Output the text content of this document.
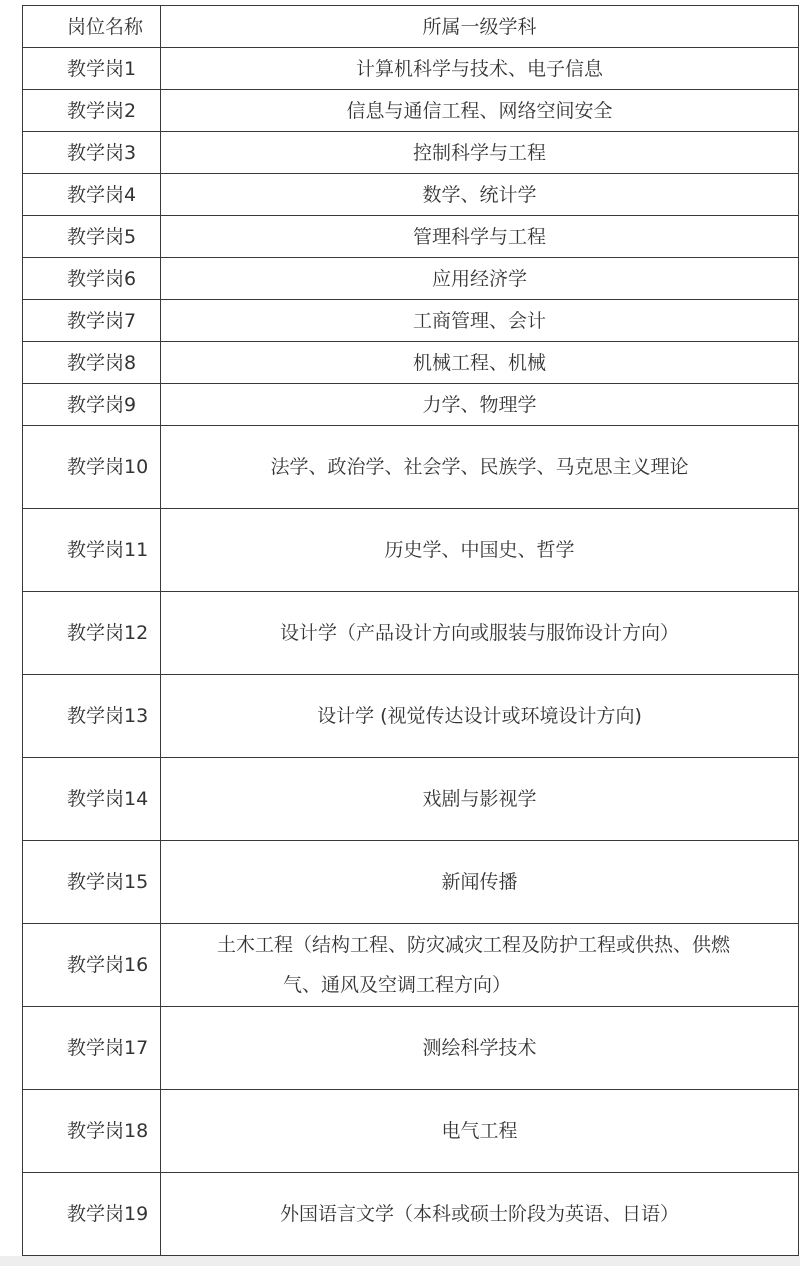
岗位名称	所属一级学科
教学岗1	计算机科学与技术、电子信息
教学岗2	信息与通信工程、网络空间安全
教学岗3	控制科学与工程
教学岗4	数学、统计学
教学岗5	管理科学与工程
教学岗6	应用经济学
教学岗7	工商管理、会计
教学岗8	机械工程、机械
教学岗9	力学、物理学
教学岗10	法学、政治学、社会学、民族学、马克思主义理论
教学岗11	历史学、中国史、哲学
教学岗12	设计学（产品设计方向或服装与服饰设计方向）
教学岗13	设计学 (视觉传达设计或环境设计方向)
教学岗14	戏剧与影视学
教学岗15	新闻传播
教学岗16	土木工程（结构工程、防灾减灾工程及防护工程或供热、供燃
气、通风及空调工程方向）

教学岗17	测绘科学技术
教学岗18	电气工程
教学岗19	外国语言文学（本科或硕士阶段为英语、日语）
